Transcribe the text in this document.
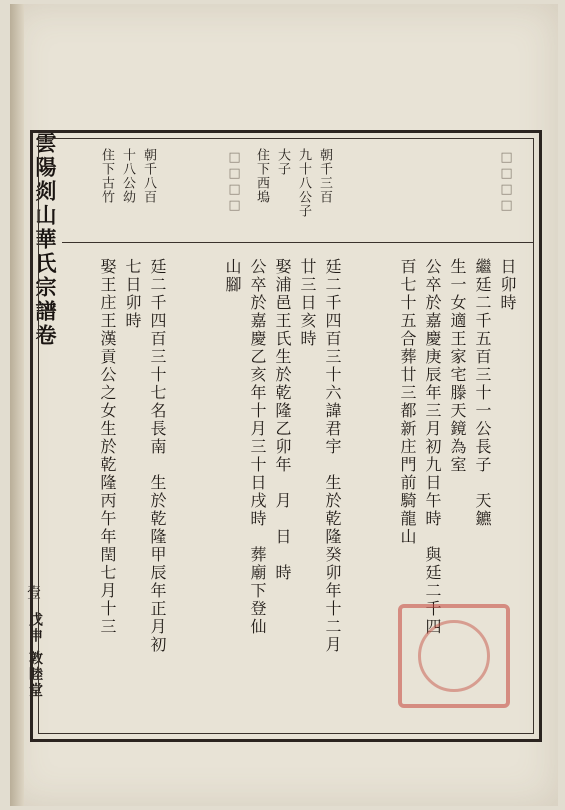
雲陽剡山華氏宗譜卷
壹
戊申 敦睦堂
朝千八百
十八公幼
住下古竹	朝千三百
九十八公子
大子
住下西塢
□□□□	□□□□
日卯時
繼廷二千五百三十一公長子　天鑣
生一女適王家宅滕天鏡為室
公卒於嘉慶庚辰年三月初九日午時　與廷二千四
百七十五合葬廿三都新庄門前騎龍山
廷二千四百三十六諱君宇　生於乾隆癸卯年十二月
廿三日亥時
娶浦邑王氏生於乾隆乙卯年　月　日　時
公卒於嘉慶乙亥年十月三十日戌時　葬廟下登仙
山腳
廷二千四百三十七名長南　生於乾隆甲辰年正月初
七日卯時
娶王庄王漢貢公之女生於乾隆丙午年閏七月十三
